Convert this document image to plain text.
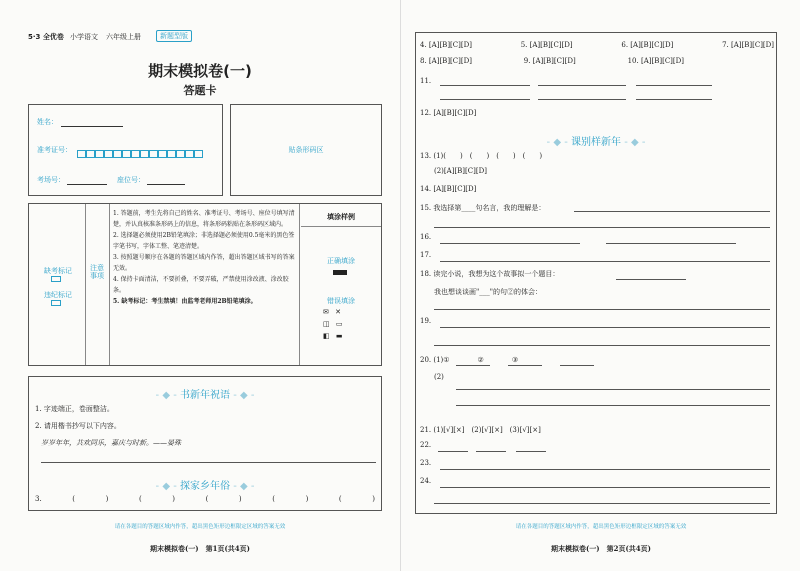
5·3 全优卷 小学语文 六年级上册	新题型版
期末模拟卷(一)
答题卡
姓名：
准考证号：
考场号：	座位号：
贴条形码区
缺考标记
违纪标记
注意事项
1. 答题前，考生先将自己的姓名、准考证号、考场号、座位号填写清楚，并认真核准条形码上的信息，将条形码粘贴在条形码区域内。
2. 选择题必须使用2B铅笔填涂；非选择题必须使用0.5毫米的黑色签字笔书写，字体工整、笔迹清楚。
3. 按照题号顺序在各题的答题区域内作答，超出答题区域书写的答案无效。
4. 保持卡面清洁，不要折叠，不要弄破，严禁使用涂改液、涂改胶条。
5. 缺考标记：考生禁填！由监考老师用2B铅笔填涂。
填涂样例
正确填涂
错误填涂
✉ ✕
◫ ▭
◧ ▬
- ◆ - 书新年祝语 - ◆ -
1. 字迹端正，卷面整洁。
2. 请用楷书抄写以下内容。
岁岁年年，共欢同乐，嘉庆与时新。——晏殊
- ◆ - 探家乡年俗 - ◆ -
3.	(	)	(	)	(	)	(	)	(	)
请在各题目的答题区域内作答，超出黑色矩形边框限定区域的答案无效
期末模拟卷(一)　第1页(共4页)
4. [A][B][C][D]	5. [A][B][C][D]	6. [A][B][C][D]	7. [A][B][C][D]
8. [A][B][C][D]	9. [A][B][C][D]	10. [A][B][C][D]
11.
12. [A][B][C][D]
- ◆ - 课别样新年 - ◆ -
13. (1)(　　)　(　　)　(　　)　(　　)
(2)[A][B][C][D]
14. [A][B][C][D]
15. 我选择第____句名言，我的理解是：
16.
17.
18. 读完小说，我想为这个故事拟一个题目：
我也想谈谈画"___"的句②的体会：
19.
20. (1)①　　　　②　　　　③
(2)
21. (1)[√][×]　(2)[√][×]　(3)[√][×]
22.
23.
24.
请在各题目的答题区域内作答，超出黑色矩形边框限定区域的答案无效
期末模拟卷(一)　第2页(共4页)
